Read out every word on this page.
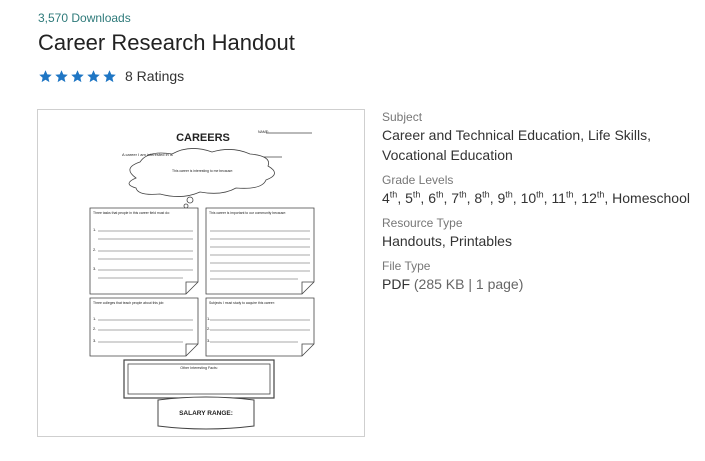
3,570 Downloads
Career Research Handout
8 Ratings
CAREERS	NAME:
A career I am interested in is
This career is interesting to me because:
Three tasks that people in this career field must do:	This career is important to our community because:
Three colleges that teach people about this job:	Subjects I must study to acquire this career:
1.
2.
3.
1.
2.
3.
1.
2.
3.
Other Interesting Facts:
SALARY RANGE:
Subject
Career and Technical Education, Life Skills, Vocational Education
Grade Levels
4th, 5th, 6th, 7th, 8th, 9th, 10th, 11th, 12th, Homeschool
Resource Type
Handouts, Printables
File Type
PDF (285 KB | 1 page)
